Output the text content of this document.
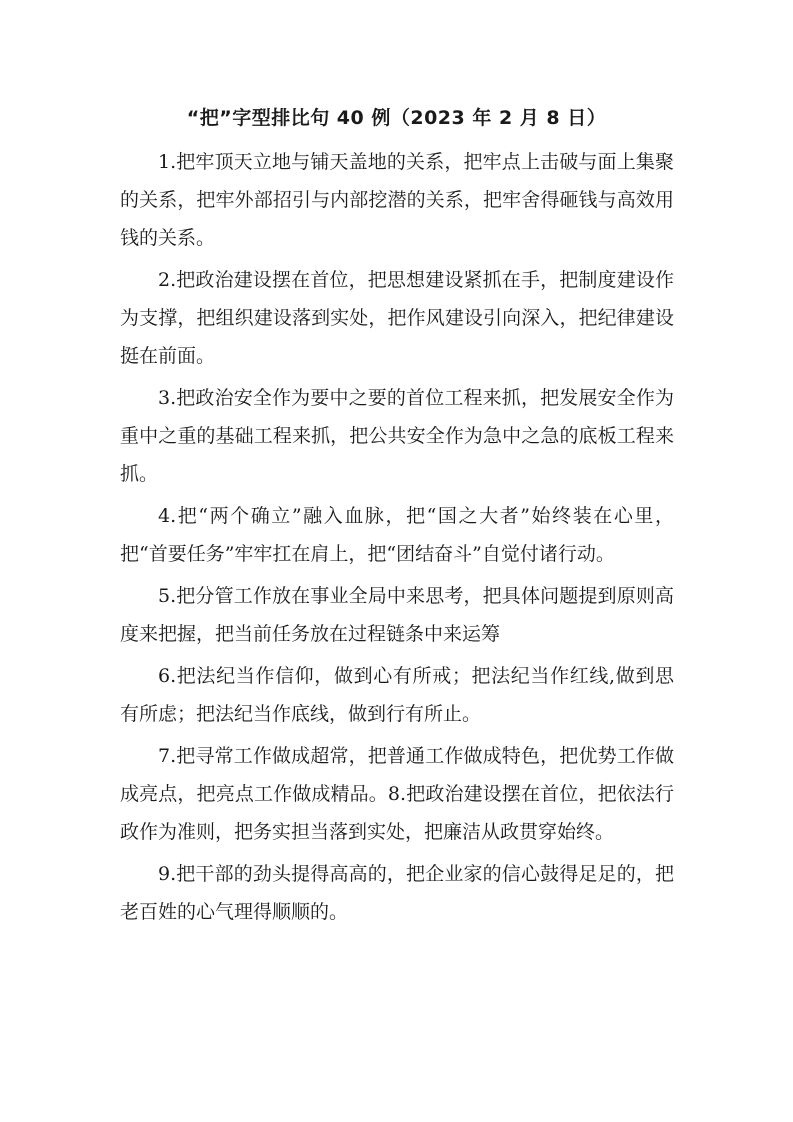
“把”字型排比句 40 例（2023 年 2 月 8 日）

1.把牢顶天立地与铺天盖地的关系，把牢点上击破与面上集聚的关系，把牢外部招引与内部挖潜的关系，把牢舍得砸钱与高效用钱的关系。

2.把政治建设摆在首位，把思想建设紧抓在手，把制度建设作为支撑，把组织建设落到实处，把作风建设引向深入，把纪律建设挺在前面。

3.把政治安全作为要中之要的首位工程来抓，把发展安全作为重中之重的基础工程来抓，把公共安全作为急中之急的底板工程来抓。

4.把“两个确立”融入血脉，把“国之大者”始终装在心里，把“首要任务”牢牢扛在肩上，把“团结奋斗”自觉付诸行动。

5.把分管工作放在事业全局中来思考，把具体问题提到原则高度来把握，把当前任务放在过程链条中来运筹

6.把法纪当作信仰，做到心有所戒；把法纪当作红线,做到思有所虑；把法纪当作底线，做到行有所止。

7.把寻常工作做成超常，把普通工作做成特色，把优势工作做成亮点，把亮点工作做成精品。8.把政治建设摆在首位，把依法行政作为准则，把务实担当落到实处，把廉洁从政贯穿始终。

9.把干部的劲头提得高高的，把企业家的信心鼓得足足的，把老百姓的心气理得顺顺的。
